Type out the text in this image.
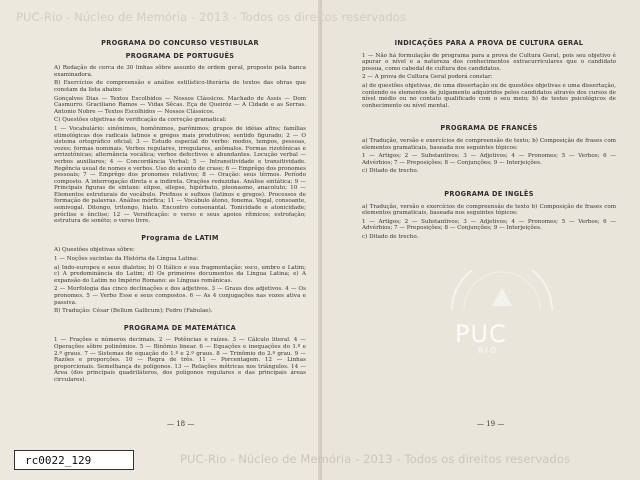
PROGRAMA DO CONCURSO VESTIBULAR
PROGRAMA DE PORTUGUÊS
A) Redação de cerca de 30 linhas sôbre assunto de ordem geral, proposto pela banca examinadora.
B) Exercícios de compreensão e análise estilístico-literária de textos das obras que constam da lista abaixo:
Gonçalves Dias — Textos Escolhidos — Nossos Clássicos. Machado de Assis — Dom Casmurro. Graciliano Ramos — Vidas Sêcas. Eça de Queiróz — A Cidade e as Serras. Antonio Nobre — Textos Escolhidos — Nossos Clássicos.
C) Questões objetivas de verificação da correção gramatical:
1 — Vocabulário: sinônimos, homônimos, parônimos; grupos de idéias afins; famílias etimológicas dos radicais latinos e gregos mais produtivos; sentido figurado; 2 — O sistema ortográfico oficial; 3 — Estudo especial do verbo: modos, tempos, pessoas, vozes; formas nominais. Verbos regulares, irregulares, anômalos. Formas rizotônicas e arrizotônicas; alternância vocálica; verbos defectivos e abundantes. Locução verbal — verbos auxiliares; 4 — Concordância Verbal; 5 — Intransitividade e transitividade. Regência usual de nomes e verbos. Uso do acento de crase; 6 — Emprêgo dos pronomes pessoais; 7 — Emprêgo dos pronomes relativos; 8 — Oração: seus têrmos. Período composto. A interrogação direta e a indireta. Orações reduzidas. Análise sintática; 9 — Principais figuras de sintaxe: elipse, silepse, hipérbato, pleonasmo, anacoluto; 10 — Elementos estruturais do vocábulo. Prefixos e sufixos (latinos e gregos). Processos de formação de palavras. Análise mórfica; 11 — Vocábulo átono, fonema. Vogal, consoante, semivogal. Ditongo, tritongo, hiato. Encontro consonantal. Tonicidade e atonicidade; próclise e ênclise; 12 — Versificação: o verso e seus apoios rítmicos; estrofação; estrutura de sonêto; o verso livre.
Programa de LATIM
A) Questões objetivas sôbre:
1 — Noções sucintas da História da Língua Latina:
a) Indo-europeu e seus dialetos; b) O Itálico e sua fragmentação: osco, umbro e Latim; c) A predominância do Latim; d) Os primeiros documentos da Língua Latina; e) A expansão do Latim no Império Romano: as Línguas românicas.
2 — Morfologia das cinco declinações e dos adjetivos. 3 — Graus dos adjetivos. 4 — Os pronomes. 5 — Verbo Esse e seus compostos. 6 — As 4 conjugações nas vozes ativa e passiva.
B) Tradução: César (Bellum Gallicum); Fedro (Fabulae).
PROGRAMA DE MATEMÁTICA
1 — Frações e números decimais. 2 — Potências e raízes. 3 — Cálculo literal. 4 — Operações sôbre polinômios. 5 — Binômio linear. 6 — Equações e inequações do 1.º e 2.º graus. 7 — Sistemas de equação do 1.º e 2.º graus. 8 — Trinômio do 2.º grau. 9 — Razões e proporções. 10 — Regra de três. 11 — Porcentagem. 12 — Linhas proporcionais. Semelhança de polígonos. 13 — Relações métricas nos triângulos. 14 — Área (dos principais quadriláteros, dos polígonos regulares e das principais áreas circulares).
— 18 —
INDICAÇÕES PARA A PROVA DE CULTURA GERAL
1 — Não há formulação de programa para a prova de Cultura Geral, pois seu objetivo é apurar o nível e a natureza dos conhecimentos extracurriculares que o candidato possua, como cabedal de cultura dos candidatos.
2 — A prova de Cultura Geral poderá constar:
a) de questões objetivas, de uma dissertação ou de questões objetivas e uma dissertação, contendo os elementos de julgamento adquiridos pelos candidatos através dos cursos de nível médio ou no contato qualificado com o seu meio; b) de testes psicológicos de conhecimento ou nível mental.
PROGRAMA DE FRANCÊS
a) Tradução, versão e exercícios de compreensão de texto; b) Composição de frases com elementos gramaticais, baseada nos seguintes tópicos:
1 — Artigos; 2 — Substantivos; 3 — Adjetivos; 4 — Pronomes; 5 — Verbos; 6 — Advérbios; 7 — Preposições; 8 — Conjunções; 9 — Interjeições.
c) Ditado de trecho.
PROGRAMA DE INGLÊS
a) Tradução, versão e exercícios de compreensão de texto b) Composição de frases com elementos gramaticais, baseada nos seguintes tópicos:
1 — Artigos; 2 — Substantivos; 3 — Adjetivos; 4 — Pronomes; 5 — Verbos; 6 — Advérbios; 7 — Preposições; 8 — Conjunções; 9 — Interjeições.
c) Ditado de trecho.
— 19 —
PUC
RIO
PUC-Rio - Núcleo de Memória - 2013 - Todos os direitos reservados
PUC-Rio - Núcleo de Memória - 2013 - Todos os direitos reservados
rc0022_129
